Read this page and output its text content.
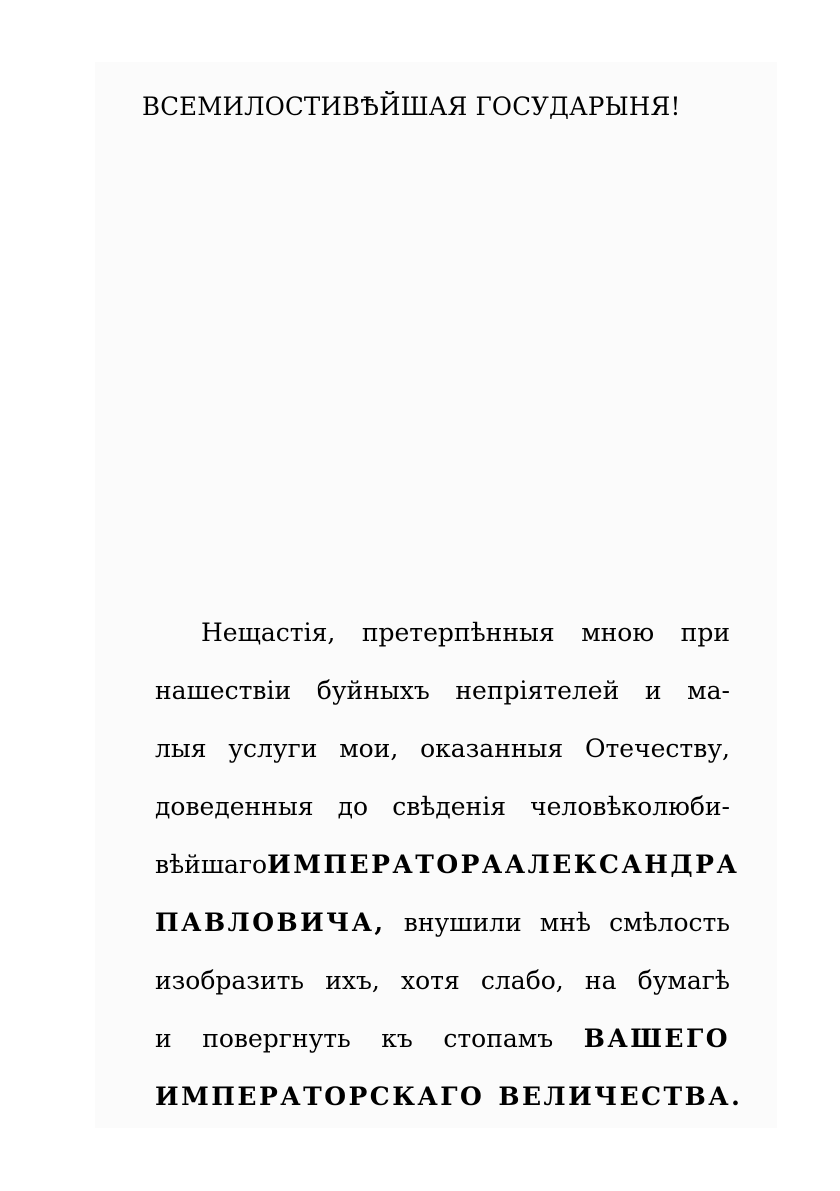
ВСЕМИЛОСТИВѢЙШАЯ ГОСУДАРЫНЯ!
Нещастія, претерпѣнныя мною при
нашествіи буйныхъ непріятелей и ма-
лыя услуги мои, оказанныя Отечеству,
доведенныя до свѣденія человѣколюби-
вѣйшаго ИМПЕРАТОРА АЛЕКСАНДРА
ПАВЛОВИЧА, внушили мнѣ смѣлость
изобразить ихъ, хотя слабо, на бумагѣ
и повергнуть къ стопамъ ВАШЕГО
ИМПЕРАТОРСКАГО ВЕЛИЧЕСТВА.
